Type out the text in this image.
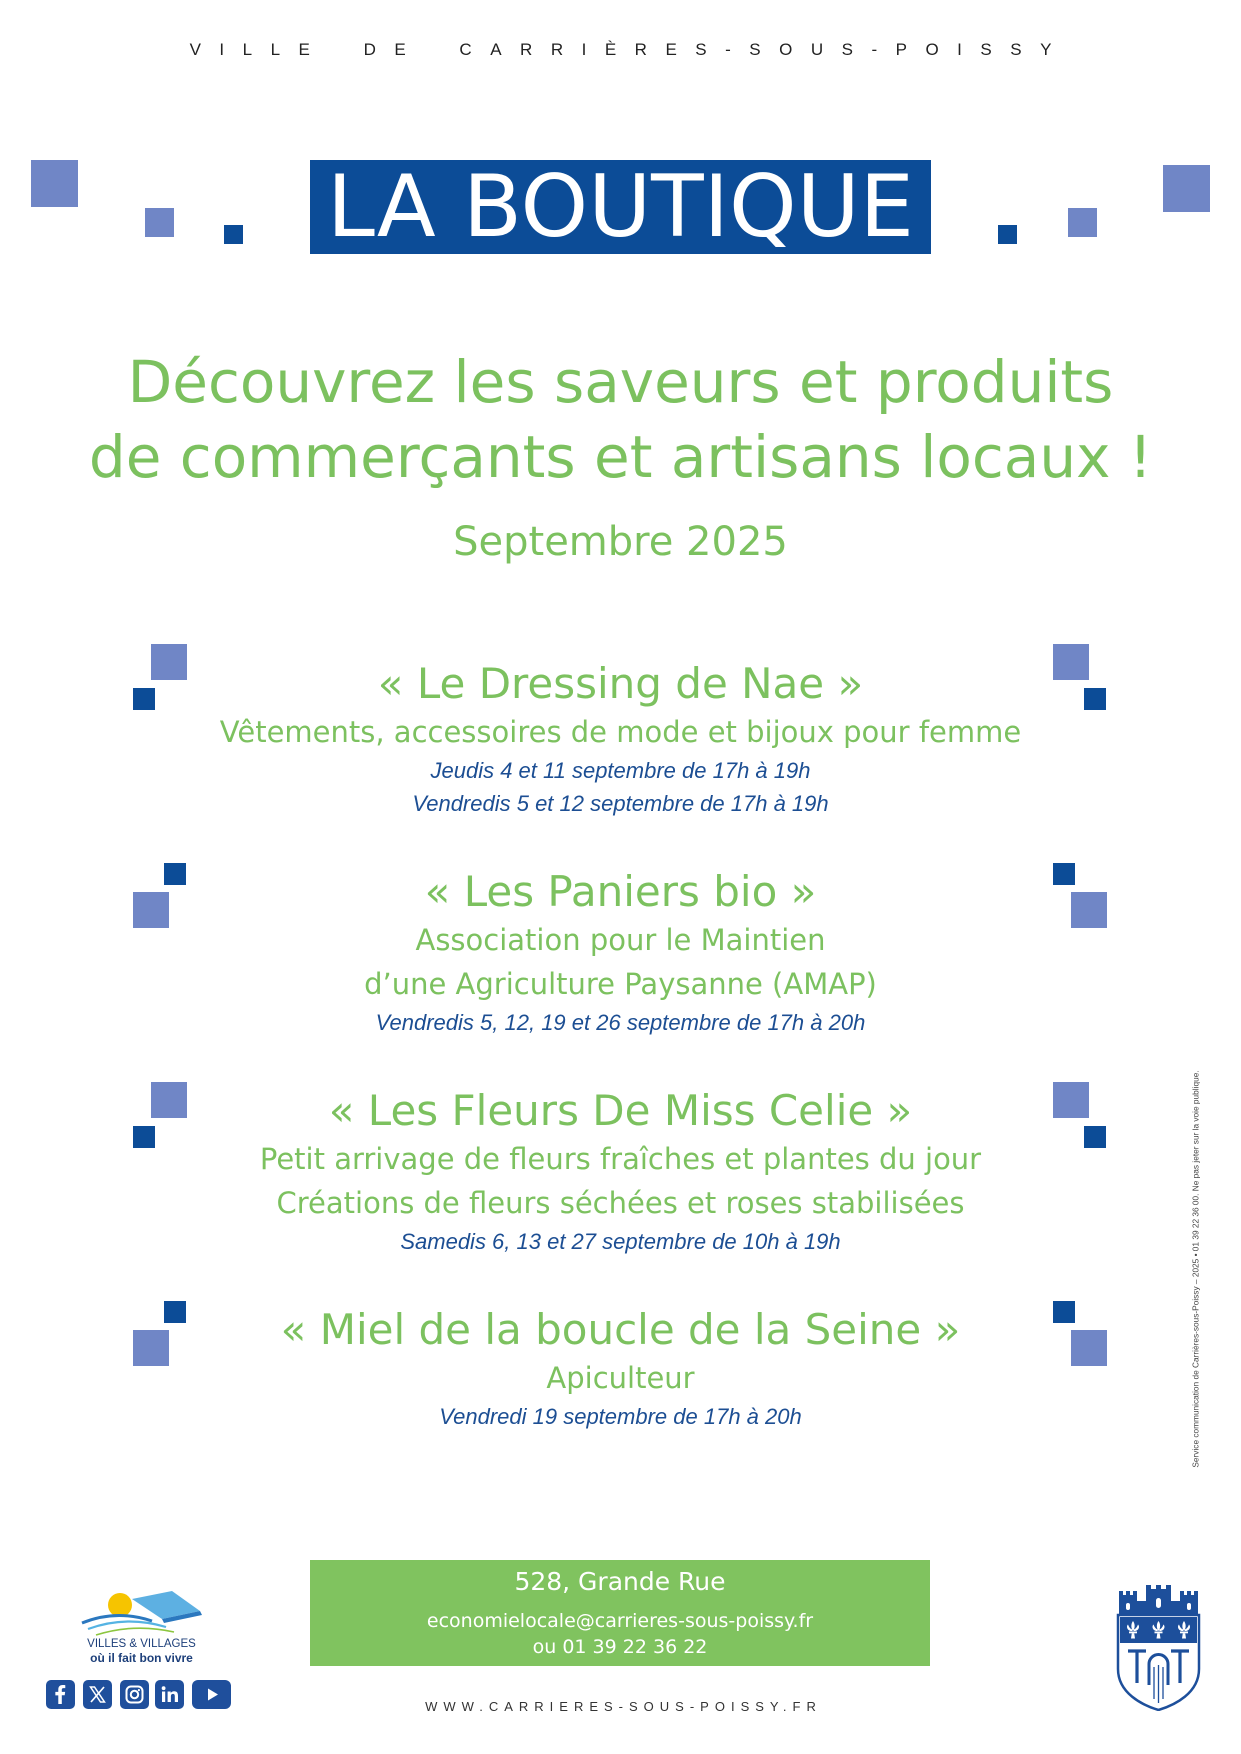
VILLE DE CARRIÈRES-SOUS-POISSY
LA BOUTIQUE
Découvrez les saveurs et produits
de commerçants et artisans locaux !
Septembre 2025
« Le Dressing de Nae »
Vêtements, accessoires de mode et bijoux pour femme
Jeudis 4 et 11 septembre de 17h à 19h
Vendredis 5 et 12 septembre de 17h à 19h
« Les Paniers bio »
Association pour le Maintien
d’une Agriculture Paysanne (AMAP)
Vendredis 5, 12, 19 et 26 septembre de 17h à 20h
« Les Fleurs De Miss Celie »
Petit arrivage de fleurs fraîches et plantes du jour
Créations de fleurs séchées et roses stabilisées
Samedis 6, 13 et 27 septembre de 10h à 19h
« Miel de la boucle de la Seine »
Apiculteur
Vendredi 19 septembre de 17h à 20h	Service communication de Carrières-sous-Poissy – 2025 • 01 39 22 36 00. Ne pas jeter sur la voie publique.
528, Grande Rue
economielocale@carrieres-sous-poissy.fr
ou 01 39 22 36 22
WWW.CARRIERES-SOUS-POISSY.FR
VILLES & VILLAGES
où il fait bon vivre
